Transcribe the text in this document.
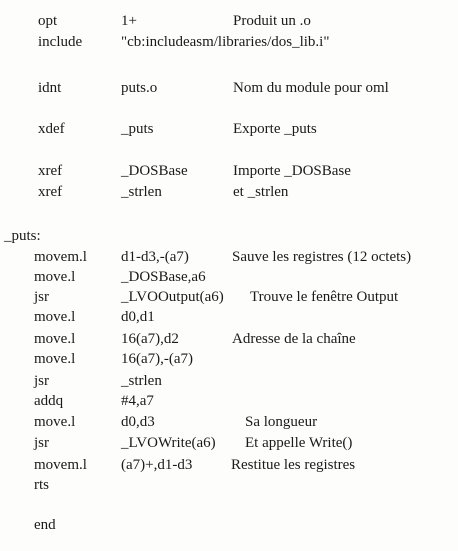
opt	1+	Produit un .o
include	"cb:includeasm/libraries/dos_lib.i"
idnt	puts.o	Nom du module pour oml
xdef	_puts	Exporte _puts
xref	_DOSBase	Importe _DOSBase
xref	_strlen	et _strlen
_puts:
movem.l d1-d3,-(a7)	Sauve les registres (12 octets)
move.l	_DOSBase,a6
jsr	_LVOOutput(a6) Trouve le fenêtre Output
move.l	d0,d1
move.l	16(a7),d2	Adresse de la chaîne
move.l	16(a7),-(a7)
jsr	_strlen
addq	#4,a7
move.l	d0,d3	Sa longueur
jsr	_LVOWrite(a6) Et appelle Write()
movem.l (a7)+,d1-d3	Restitue les registres
rts
end
